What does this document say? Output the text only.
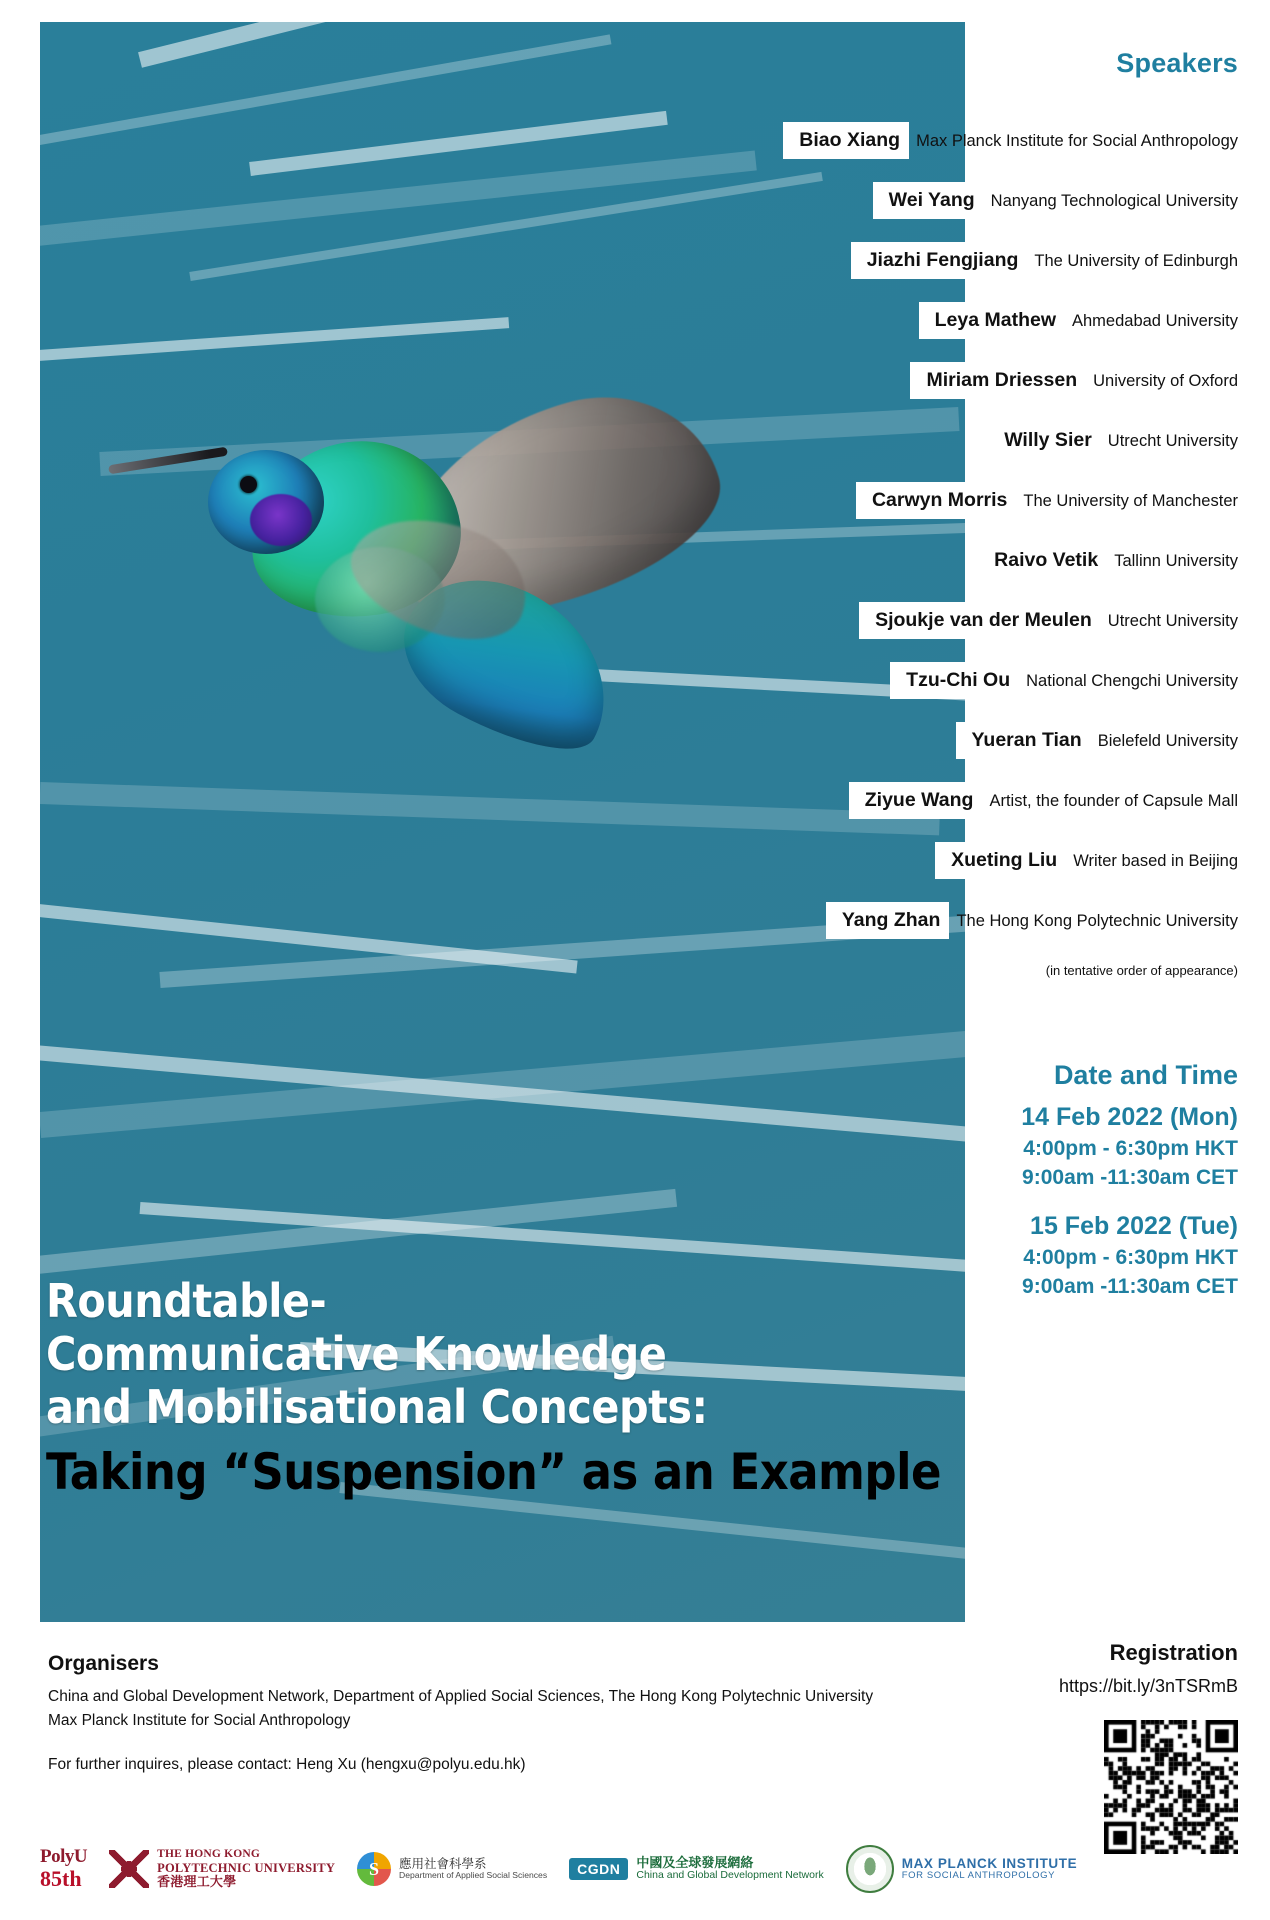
Speakers
Biao Xiang Max Planck Institute for Social Anthropology
Wei Yang Nanyang Technological University
Jiazhi Fengjiang The University of Edinburgh
Leya Mathew Ahmedabad University
Miriam Driessen University of Oxford
Willy Sier Utrecht University
Carwyn Morris The University of Manchester
Raivo Vetik Tallinn University
Sjoukje van der Meulen Utrecht University
Tzu-Chi Ou National Chengchi University
Yueran Tian Bielefeld University
Ziyue Wang Artist, the founder of Capsule Mall
Xueting Liu Writer based in Beijing
Yang Zhan The Hong Kong Polytechnic University
(in tentative order of appearance)
Date and Time
14 Feb 2022 (Mon)
4:00pm - 6:30pm HKT
9:00am -11:30am CET
15 Feb 2022 (Tue)
4:00pm - 6:30pm HKT
9:00am -11:30am CET
Roundtable-
Communicative Knowledge
and Mobilisational Concepts:
Taking “Suspension” as an Example
Registration
https://bit.ly/3nTSRmB
Organisers
China and Global Development Network, Department of Applied Social Sciences, The Hong Kong Polytechnic University
Max Planck Institute for Social Anthropology
For further inquires, please contact: Heng Xu (hengxu@polyu.edu.hk)
PolyU
85th
THE HONG KONG
POLYTECHNIC UNIVERSITY
香港理工大學
S	應用社會科學系
Department of Applied Social Sciences	CGDN	中國及全球發展網絡
China and Global Development Network
MAX PLANCK INSTITUTE
FOR SOCIAL ANTHROPOLOGY
